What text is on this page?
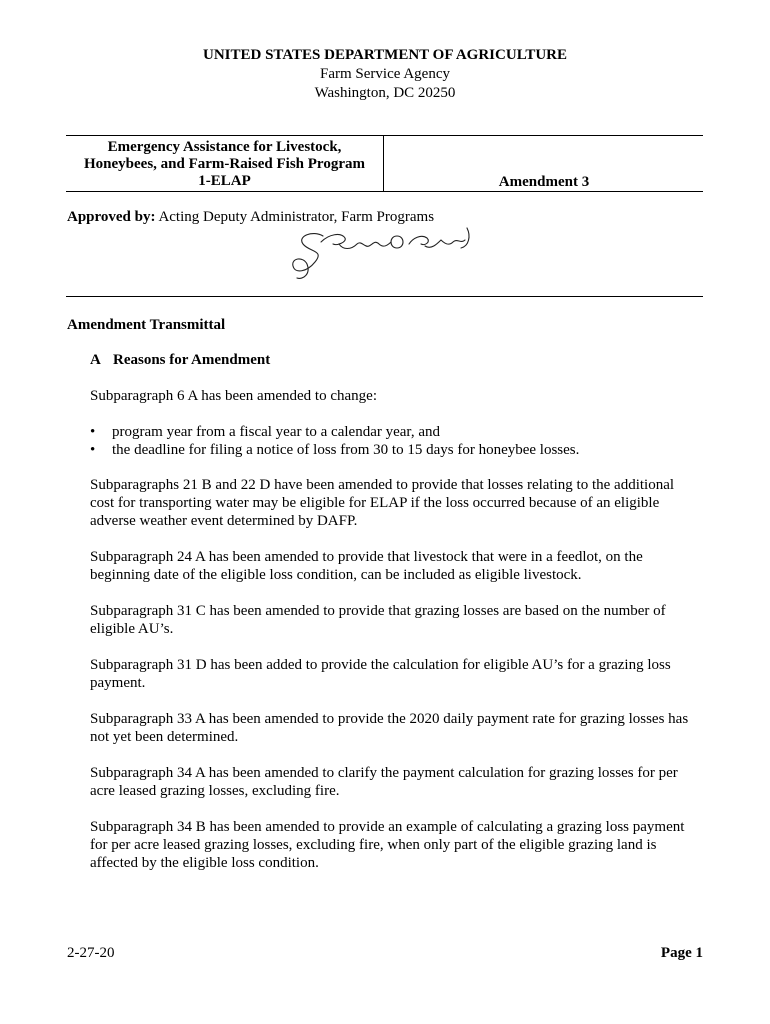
UNITED STATES DEPARTMENT OF AGRICULTURE
Farm Service Agency
Washington, DC 20250
Emergency Assistance for Livestock,
Honeybees, and Farm-Raised Fish Program
1-ELAP	Amendment 3
Approved by: Acting Deputy Administrator, Farm Programs
Amendment Transmittal
A Reasons for Amendment
Subparagraph 6 A has been amended to change:
• program year from a fiscal year to a calendar year, and
• the deadline for filing a notice of loss from 30 to 15 days for honeybee losses.
Subparagraphs 21 B and 22 D have been amended to provide that losses relating to the additional cost for transporting water may be eligible for ELAP if the loss occurred because of an eligible adverse weather event determined by DAFP.
Subparagraph 24 A has been amended to provide that livestock that were in a feedlot, on the beginning date of the eligible loss condition, can be included as eligible livestock.
Subparagraph 31 C has been amended to provide that grazing losses are based on the number of eligible AU’s.
Subparagraph 31 D has been added to provide the calculation for eligible AU’s for a grazing loss payment.
Subparagraph 33 A has been amended to provide the 2020 daily payment rate for grazing losses has not yet been determined.
Subparagraph 34 A has been amended to clarify the payment calculation for grazing losses for per acre leased grazing losses, excluding fire.
Subparagraph 34 B has been amended to provide an example of calculating a grazing loss payment for per acre leased grazing losses, excluding fire, when only part of the eligible grazing land is affected by the eligible loss condition.
2-27-20	Page 1
